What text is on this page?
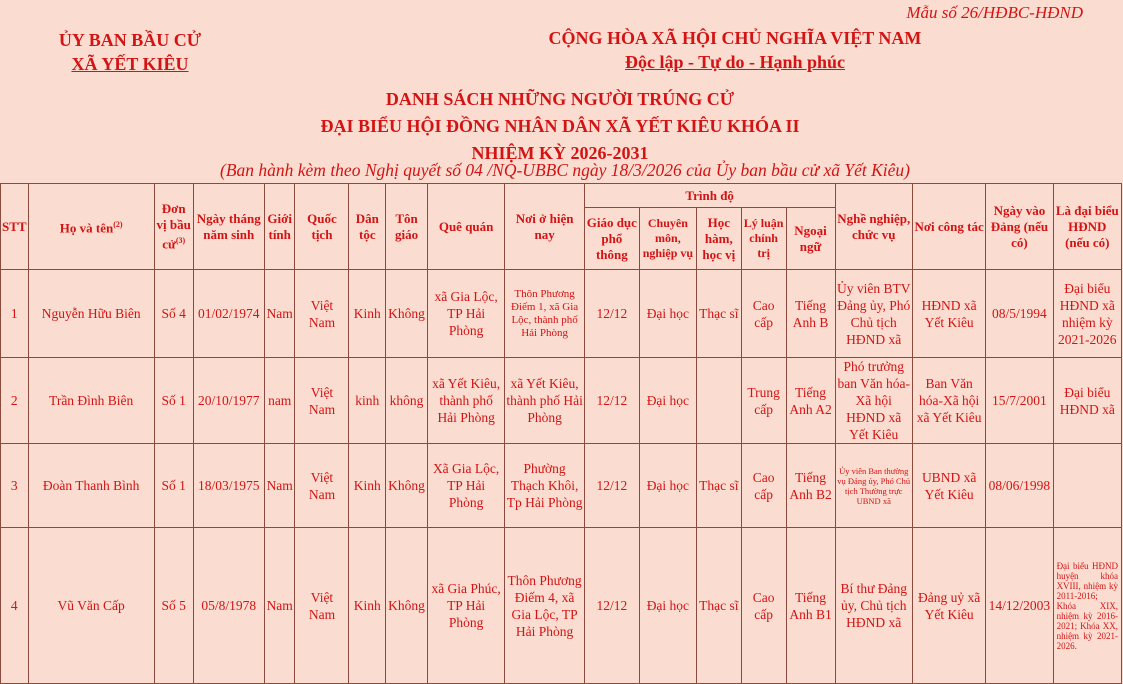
Mẫu số 26/HĐBC-HĐND
ỦY BAN BẦU CỬ
XÃ YẾT KIÊU
CỘNG HÒA XÃ HỘI CHỦ NGHĨA VIỆT NAM
Độc lập - Tự do - Hạnh phúc
DANH SÁCH NHỮNG NGƯỜI TRÚNG CỬ
ĐẠI BIỂU HỘI ĐỒNG NHÂN DÂN XÃ YẾT KIÊU KHÓA II
NHIỆM KỲ 2026-2031
(Ban hành kèm theo Nghị quyết số 04 /NQ-UBBC ngày 18/3/2026 của Ủy ban bầu cử xã Yết Kiêu)
STT	Họ và tên$^{(2)}$	Đơn vị bầu cử$^{(3)}$	Ngày tháng năm sinh	Giới tính	Quốc tịch	Dân tộc	Tôn giáo	Quê quán	Nơi ở hiện nay	Trình độ					Nghề nghiệp, chức vụ	Nơi công tác	Ngày vào Đảng (nếu có)	Là đại biểu HĐND (nếu có)
										Giáo dục phổ thông	Chuyên môn, nghiệp vụ	Học hàm, học vị	Lý luận chính trị	Ngoại ngữ				
1	Nguyễn Hữu Biên	Số 4	01/02/1974	Nam	Việt Nam	Kinh	Không	xã Gia Lộc, TP Hải Phòng	Thôn Phương Điếm 1, xã Gia Lộc, thành phố Hải Phòng	12/12	Đại học	Thạc sĩ	Cao cấp	Tiếng Anh B	Ủy viên BTV Đảng ủy, Phó Chủ tịch HĐND xã	HĐND xã Yết Kiêu	08/5/1994	Đại biểu HĐND xã nhiệm kỳ 2021-2026
2	Trần Đình Biên	Số 1	20/10/1977	nam	Việt Nam	kinh	không	xã Yết Kiêu, thành phố Hải Phòng	xã Yết Kiêu, thành phố Hải Phòng	12/12	Đại học		Trung cấp	Tiếng Anh A2	Phó trưởng ban Văn hóa-Xã hội HĐND xã Yết Kiêu	Ban Văn hóa-Xã hội xã Yết Kiêu	15/7/2001	Đại biểu HĐND xã
3	Đoàn Thanh Bình	Số 1	18/03/1975	Nam	Việt Nam	Kinh	Không	Xã Gia Lộc, TP Hải Phòng	Phường Thạch Khôi, Tp Hải Phòng	12/12	Đại học	Thạc sĩ	Cao cấp	Tiếng Anh B2	Ủy viên Ban thường vụ Đảng ủy, Phó Chủ tịch Thường trực UBND xã	UBND xã Yết Kiêu	08/06/1998	
4	Vũ Văn Cấp	Số 5	05/8/1978	Nam	Việt Nam	Kinh	Không	xã Gia Phúc, TP Hải Phòng	Thôn Phương Điếm 4, xã Gia Lộc, TP Hải Phòng	12/12	Đại học	Thạc sĩ	Cao cấp	Tiếng Anh B1	Bí thư Đảng ủy, Chủ tịch HĐND xã	Đảng uỷ xã Yết Kiêu	14/12/2003	Đại biểu HĐND huyện khóa XVIII, nhiệm kỳ 2011-2016; Khóa XIX, nhiệm kỳ 2016-2021; Khóa XX, nhiệm kỳ 2021-2026.
